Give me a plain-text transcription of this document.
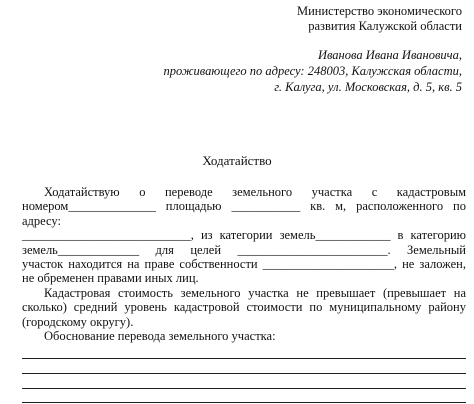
Министерство экономического
развития Калужской области
Иванова Ивана Ивановича,
проживающего по адресу: 248003, Калужская области,
г. Калуга, ул. Московская, д. 5, кв. 5
Ходатайство
Ходатайствую о переводе земельного участка с кадастровым
номером______________ площадью ___________ кв. м, расположенного по адресу:
___________________________, из категории земель____________ в категорию
земель_____________ для целей ________________________. Земельный
участок находится на праве собственности _____________________, не заложен,
не обременен правами иных лиц.
Кадастровая стоимость земельного участка не превышает (превышает на
сколько) средний уровень кадастровой стоимости по муниципальному району
(городскому округу).
Обоснование перевода земельного участка:
